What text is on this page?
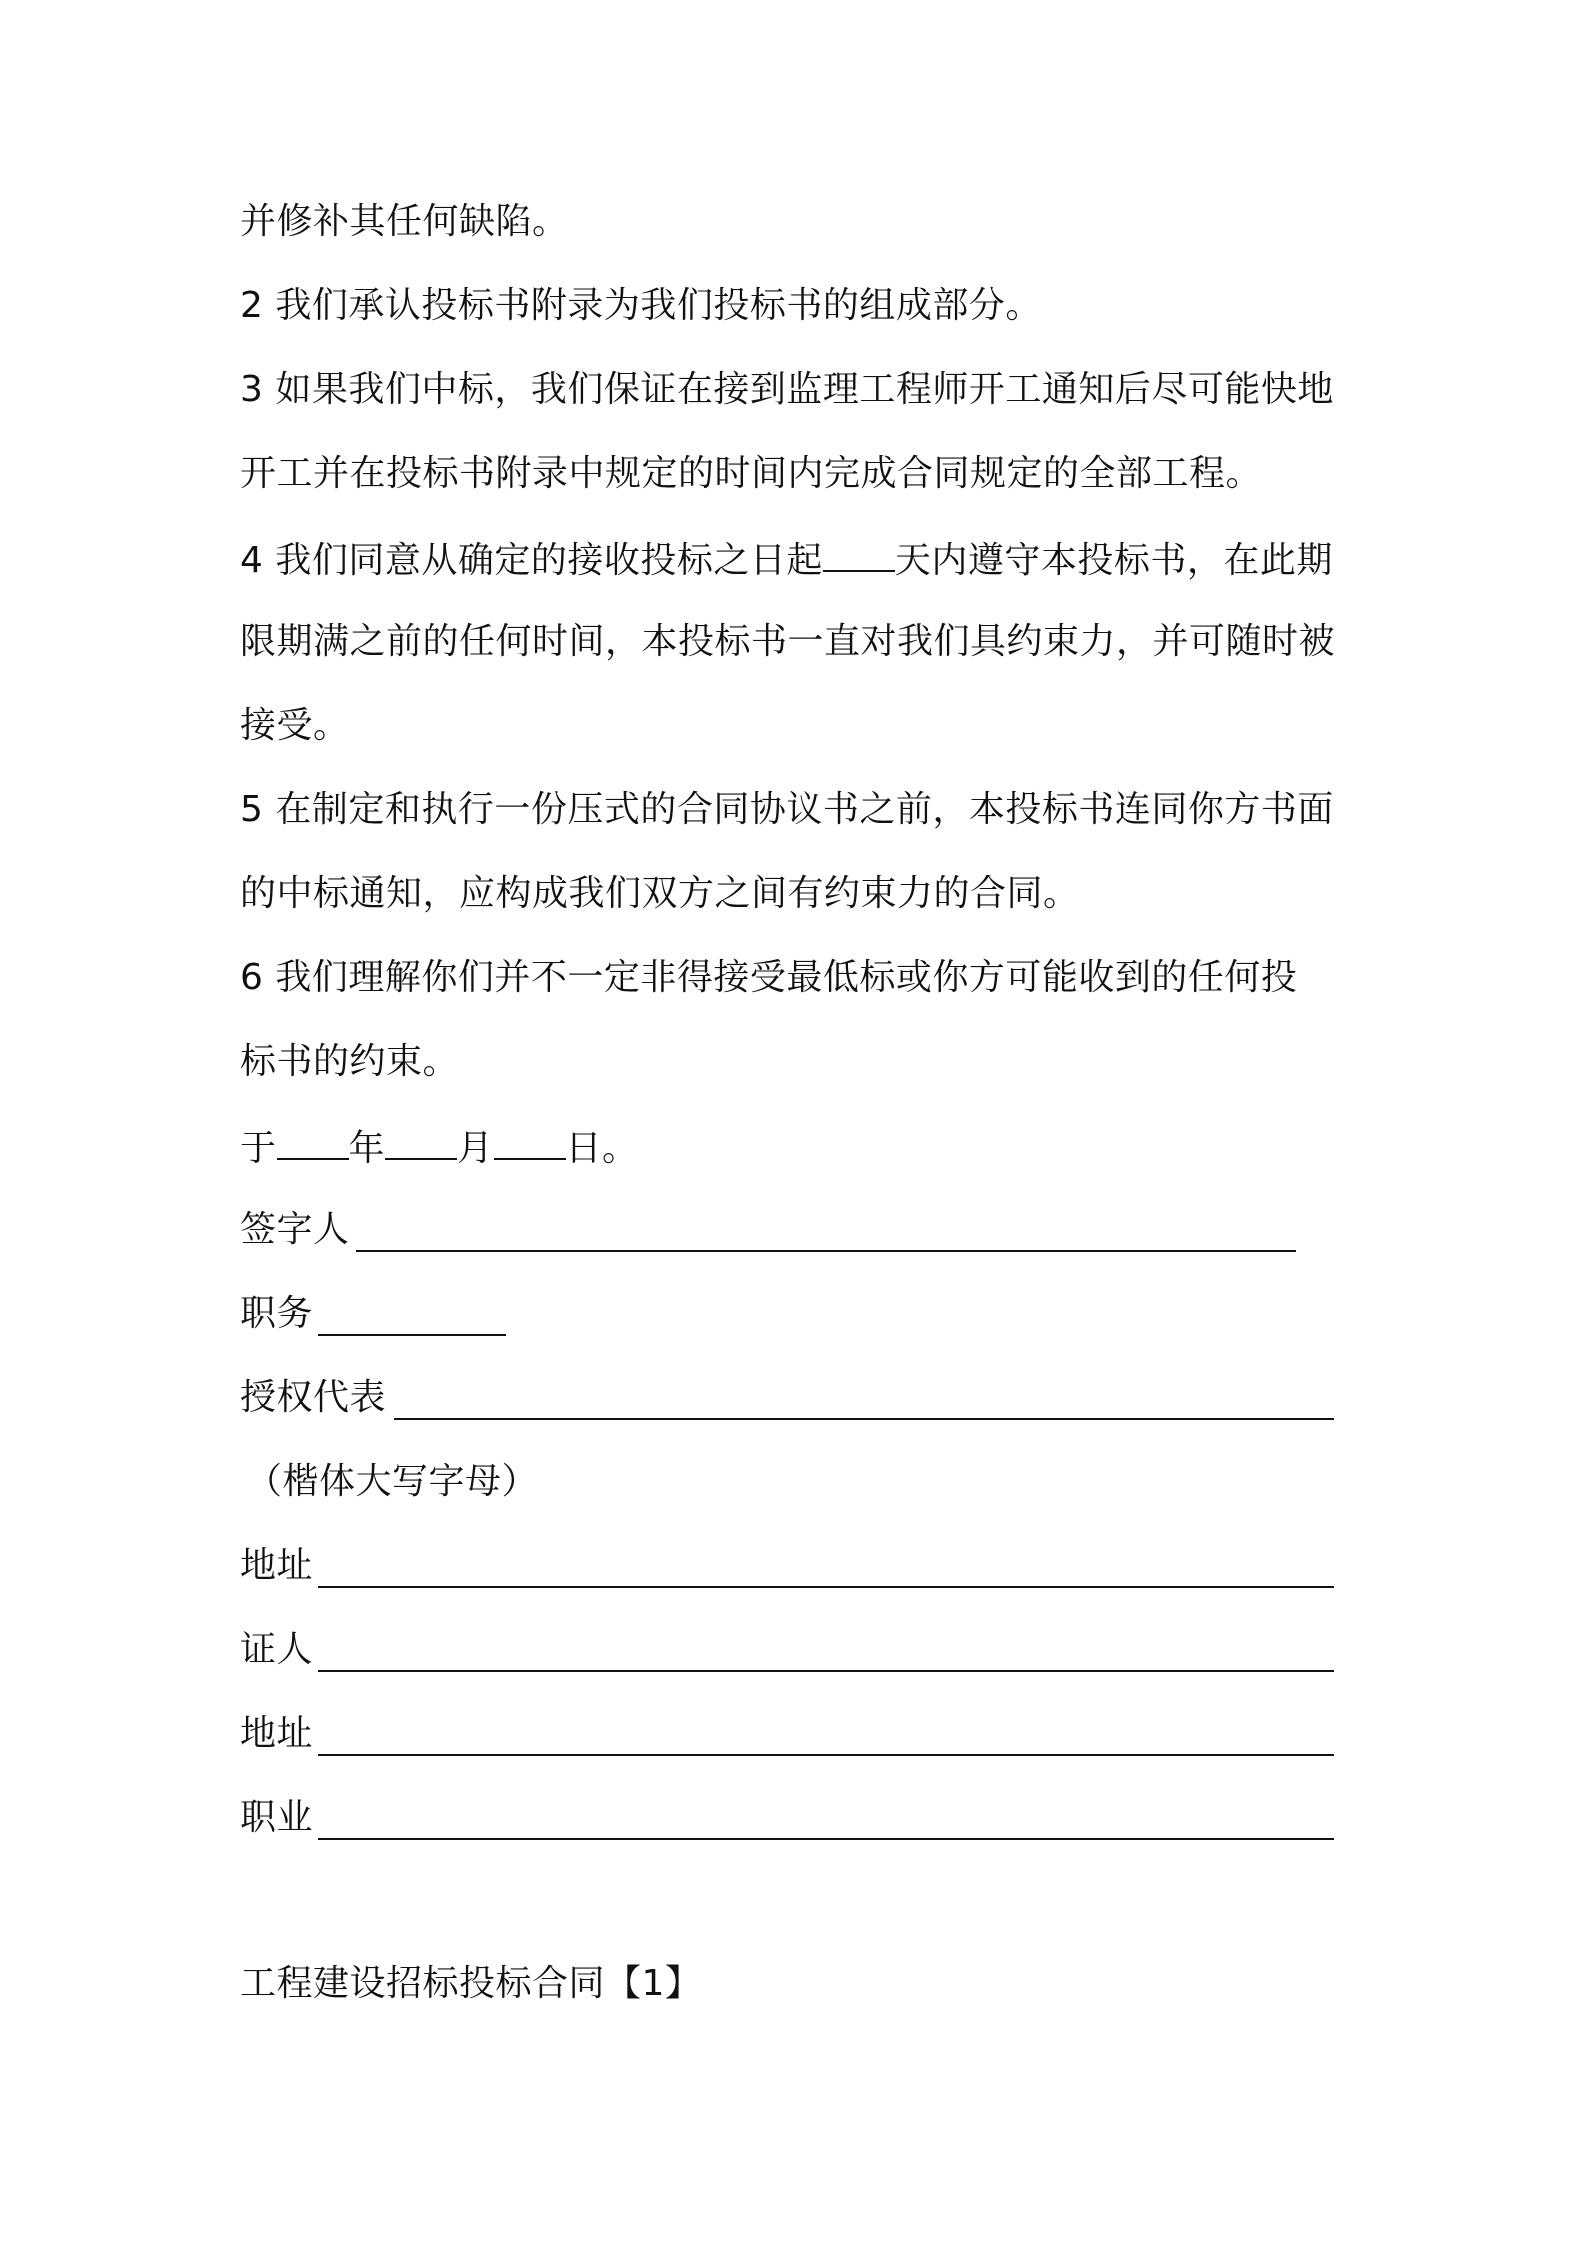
并修补其任何缺陷。
2 我们承认投标书附录为我们投标书的组成部分。
3 如果我们中标，我们保证在接到监理工程师开工通知后尽可能快地
开工并在投标书附录中规定的时间内完成合同规定的全部工程。
4 我们同意从确定的接收投标之日起 天内遵守本投标书，在此期
限期满之前的任何时间，本投标书一直对我们具约束力，并可随时被
接受。
5 在制定和执行一份压式的合同协议书之前，本投标书连同你方书面
的中标通知，应构成我们双方之间有约束力的合同。
6 我们理解你们并不一定非得接受最低标或你方可能收到的任何投
标书的约束。
于 年 月 日。
签字人
职务
授权代表
（楷体大写字母）
地址
证人
地址
职业
工程建设招标投标合同【1】
